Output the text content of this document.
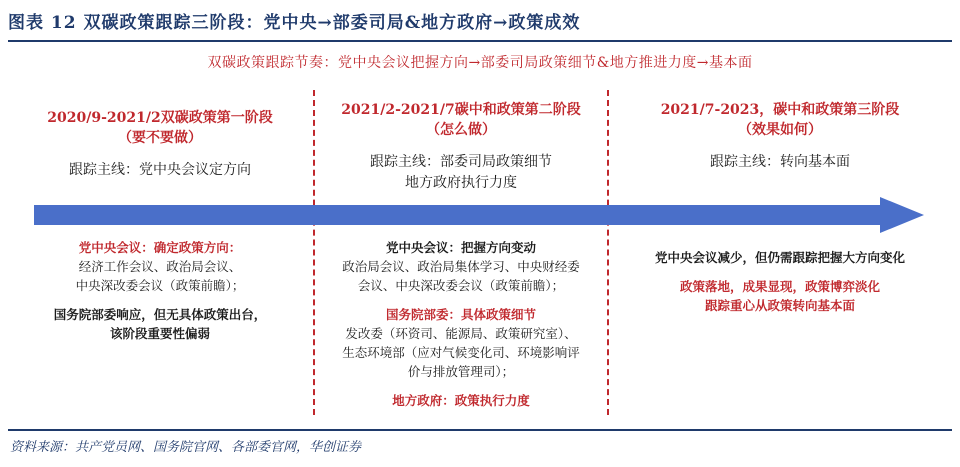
图表 12 双碳政策跟踪三阶段：党中央→部委司局&地方政府→政策成效
双碳政策跟踪节奏：党中央会议把握方向→部委司局政策细节&地方推进力度→基本面
2020/9-2021/2双碳政策第一阶段
（要不要做）
跟踪主线：党中央会议定方向
2021/2-2021/7碳中和政策第二阶段
（怎么做）
跟踪主线：部委司局政策细节
地方政府执行力度
2021/7-2023，碳中和政策第三阶段
（效果如何）
跟踪主线：转向基本面
党中央会议：确定政策方向：
经济工作会议、政治局会议、
中央深改委会议（政策前瞻）；
国务院部委响应，但无具体政策出台，
该阶段重要性偏弱
党中央会议：把握方向变动
政治局会议、政治局集体学习、中央财经委
会议、中央深改委会议（政策前瞻）；
国务院部委：具体政策细节
发改委（环资司、能源局、政策研究室）、
生态环境部（应对气候变化司、环境影响评
价与排放管理司）；
地方政府：政策执行力度
党中央会议减少，但仍需跟踪把握大方向变化
政策落地，成果显现，政策博弈淡化
跟踪重心从政策转向基本面
资料来源：共产党员网、国务院官网、各部委官网，华创证券
